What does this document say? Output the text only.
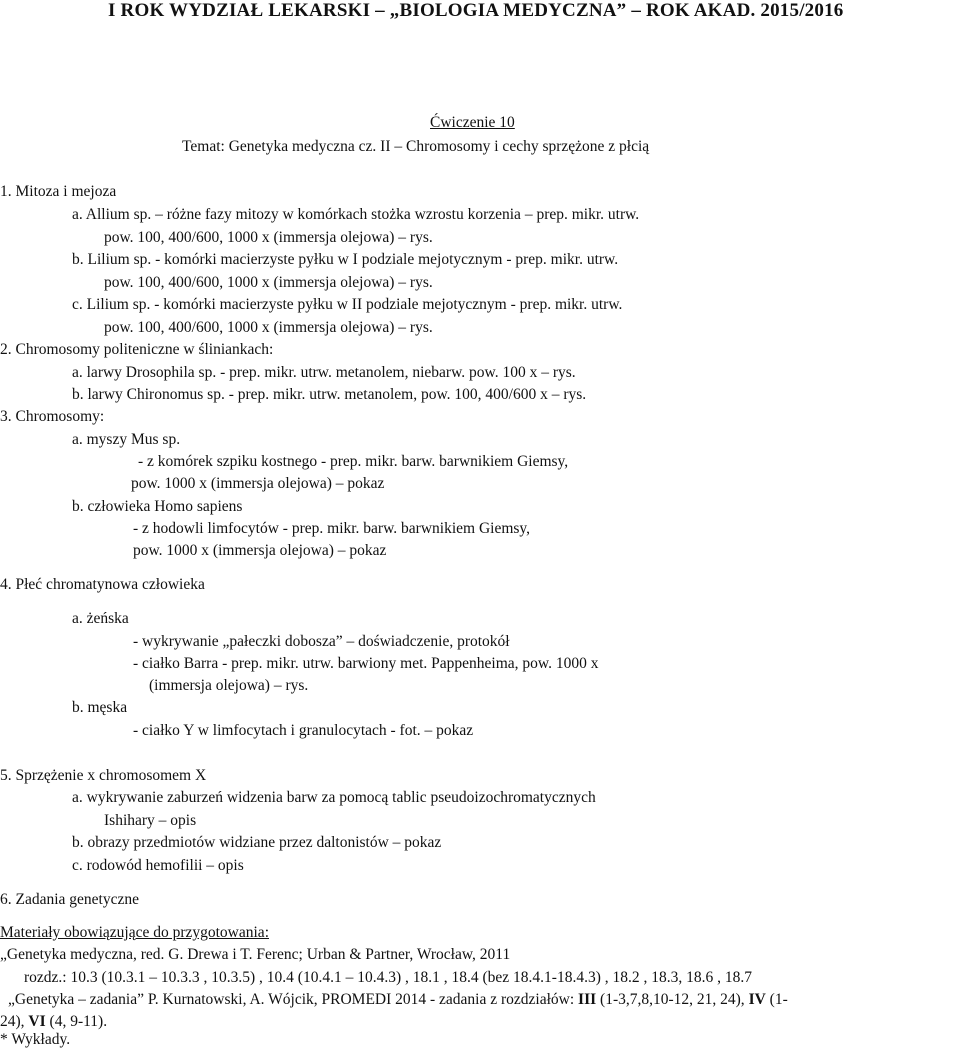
I ROK WYDZIAŁ LEKARSKI – „BIOLOGIA MEDYCZNA” – ROK AKAD. 2015/2016
Ćwiczenie 10
Temat: Genetyka medyczna cz. II – Chromosomy i cechy sprzężone z płcią
1. Mitoza i mejoza
a. Allium sp. – różne fazy mitozy w komórkach stożka wzrostu korzenia – prep. mikr. utrw.
pow. 100, 400/600, 1000 x (immersja olejowa) – rys.
b. Lilium sp. - komórki macierzyste pyłku w I podziale mejotycznym - prep. mikr. utrw.
pow. 100, 400/600, 1000 x (immersja olejowa) – rys.
c. Lilium sp. - komórki macierzyste pyłku w II podziale mejotycznym - prep. mikr. utrw.
pow. 100, 400/600, 1000 x (immersja olejowa) – rys.
2. Chromosomy politeniczne w śliniankach:
a. larwy Drosophila sp. - prep. mikr. utrw. metanolem, niebarw. pow. 100 x – rys.
b. larwy Chironomus sp. - prep. mikr. utrw. metanolem, pow. 100, 400/600 x – rys.
3. Chromosomy:
a. myszy Mus sp.
- z komórek szpiku kostnego - prep. mikr. barw. barwnikiem Giemsy,
pow. 1000 x (immersja olejowa) – pokaz
b. człowieka Homo sapiens
- z hodowli limfocytów - prep. mikr. barw. barwnikiem Giemsy,
pow. 1000 x (immersja olejowa) – pokaz
4. Płeć chromatynowa człowieka
a. żeńska
- wykrywanie „pałeczki dobosza” – doświadczenie, protokół
- ciałko Barra - prep. mikr. utrw. barwiony met. Pappenheima, pow. 1000 x
(immersja olejowa) – rys.
b. męska
- ciałko Y w limfocytach i granulocytach - fot. – pokaz
5. Sprzężenie x chromosomem X
a. wykrywanie zaburzeń widzenia barw za pomocą tablic pseudoizochromatycznych
Ishihary – opis
b. obrazy przedmiotów widziane przez daltonistów – pokaz
c. rodowód hemofilii – opis
6. Zadania genetyczne
Materiały obowiązujące do przygotowania:
„Genetyka medyczna, red. G. Drewa i T. Ferenc; Urban & Partner, Wrocław, 2011
rozdz.: 10.3 (10.3.1 – 10.3.3 , 10.3.5) , 10.4 (10.4.1 – 10.4.3) , 18.1 , 18.4 (bez 18.4.1-18.4.3) , 18.2 , 18.3, 18.6 , 18.7
„Genetyka – zadania” P. Kurnatowski, A. Wójcik, PROMEDI 2014 - zadania z rozdziałów: III (1-3,7,8,10-12, 21, 24), IV (1-
24), VI (4, 9-11).
* Wykłady.
